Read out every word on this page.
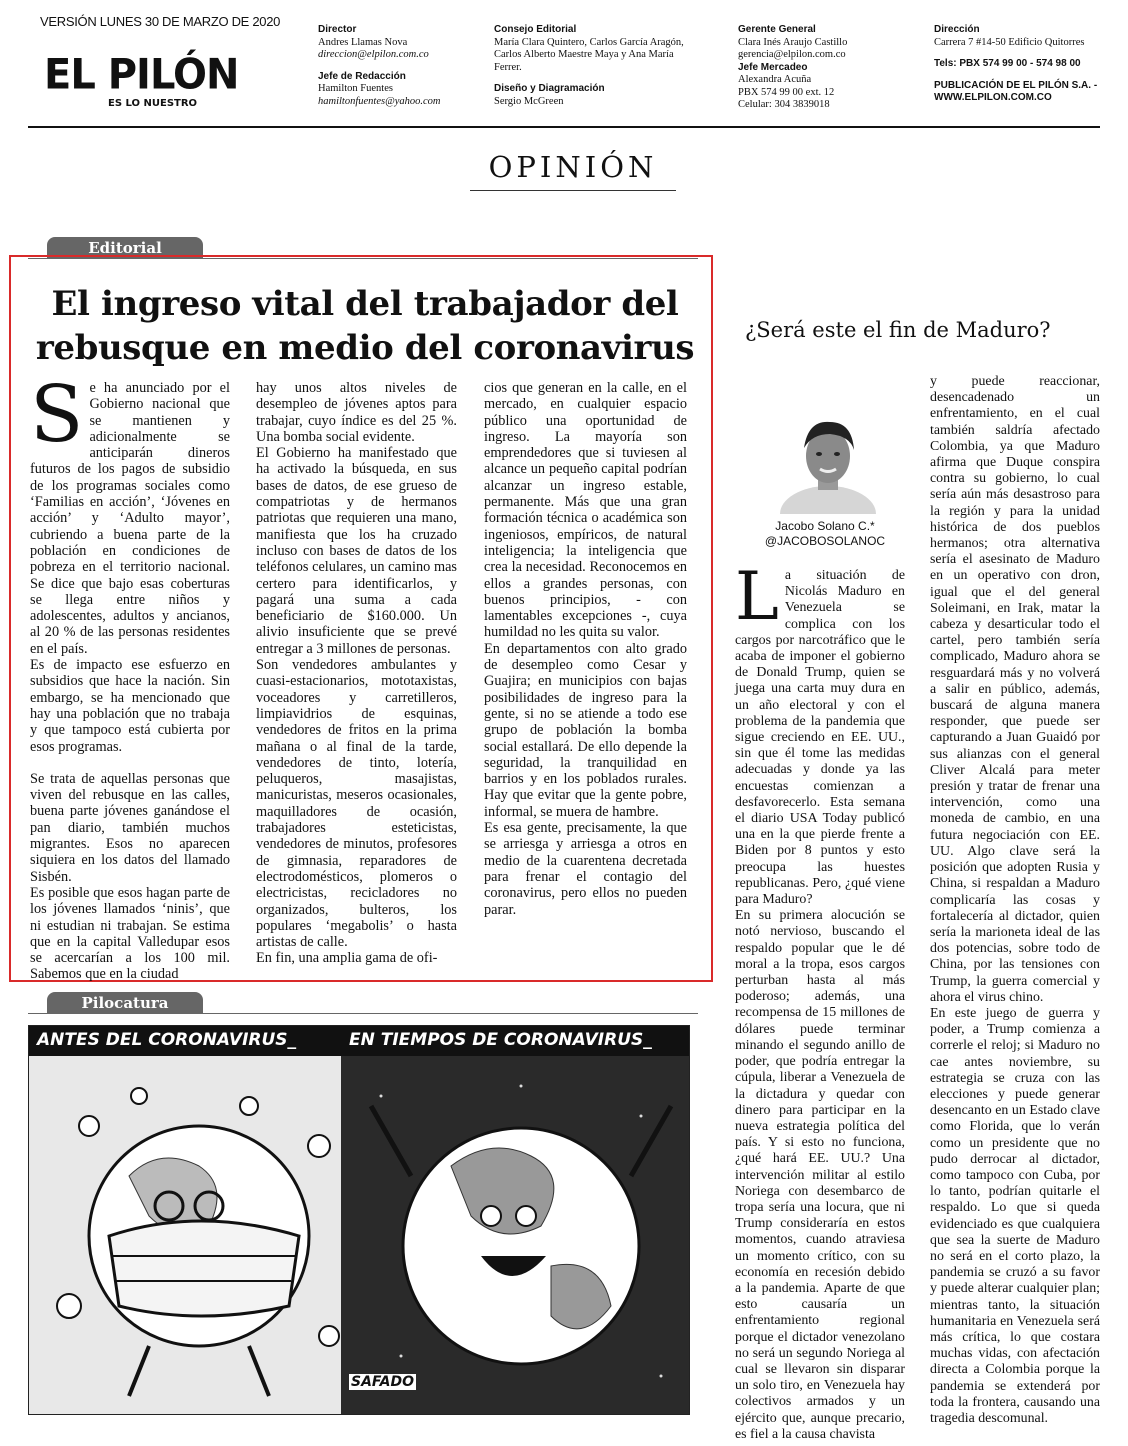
VERSIÓN LUNES 30 DE MARZO DE 2020
EL PILÓN
ES LO NUESTRO
Director
Andres Llamas Nova
direccion@elpilon.com.co
Jefe de Redacción
Hamilton Fuentes
hamiltonfuentes@yahoo.com
Consejo Editorial
María Clara Quintero, Carlos García Aragón,
Carlos Alberto Maestre Maya y Ana María
Ferrer.
Diseño y Diagramación
Sergio McGreen
Gerente General
Clara Inés Araujo Castillo
gerencia@elpilon.com.co
Jefe Mercadeo
Alexandra Acuña
PBX 574 99 00 ext. 12
Celular: 304 3839018
Dirección
Carrera 7 #14-50 Edificio Quitorres
Tels: PBX 574 99 00 - 574 98 00
PUBLICACIÓN DE EL PILÓN S.A. -
WWW.ELPILON.COM.CO
OPINIÓN
Editorial
El ingreso vital del trabajador del
rebusque en medio del coronavirus

Se ha anunciado por el Gobierno nacional que se mantienen y adicionalmente se anticiparán dineros futuros de los pagos de subsidio de los programas sociales como ‘Familias en acción’, ‘Jóvenes en acción’ y ‘Adulto mayor’, cubriendo a buena parte de la población en condiciones de pobreza en el territorio nacional. Se dice que bajo esas coberturas se llega entre niños y adolescentes, adultos y ancianos, al 20 % de las personas residentes en el país.

Es de impacto ese esfuerzo en subsidios que hace la nación. Sin embargo, se ha mencionado que hay una población que no trabaja y que tampoco está cubierta por esos programas.

Se trata de aquellas personas que viven del rebusque en las calles, buena parte jóvenes ganándose el pan diario, también muchos migrantes. Esos no aparecen siquiera en los datos del llamado Sisbén.

Es posible que esos hagan parte de los jóvenes llamados ‘ninis’, que ni estudian ni trabajan. Se estima que en la capital Valledupar esos se acercarían a los 100 mil. Sabemos que en la ciudad

hay unos altos niveles de desempleo de jóvenes aptos para trabajar, cuyo índice es del 25 %. Una bomba social evidente.

El Gobierno ha manifestado que ha activado la búsqueda, en sus bases de datos, de ese grueso de compatriotas y de hermanos patriotas que requieren una mano, manifiesta que los ha cruzado incluso con bases de datos de los teléfonos celulares, un camino mas certero para identificarlos, y pagará una suma a cada beneficiario de $160.000. Un alivio insuficiente que se prevé entregar a 3 millones de personas.

Son vendedores ambulantes y cuasi-estacionarios, mototaxistas, voceadores y carretilleros, limpiavidrios de esquinas, vendedores de fritos en la prima mañana o al final de la tarde, vendedores de tinto, lotería, peluqueros, masajistas, manicuristas, meseros ocasionales, maquilladores de ocasión, trabajadores esteticistas, vendedores de minutos, profesores de gimnasia, reparadores de electrodomésticos, plomeros o electricistas, recicladores no organizados, bulteros, los populares ‘megabolis’ o hasta artistas de calle.

En fin, una amplia gama de ofi-

cios que generan en la calle, en el mercado, en cualquier espacio público una oportunidad de ingreso. La mayoría son emprendedores que si tuviesen al alcance un pequeño capital podrían alcanzar un ingreso estable, permanente. Más que una gran formación técnica o académica son ingeniosos, empíricos, de natural inteligencia; la inteligencia que crea la necesidad. Reconocemos en ellos a grandes personas, con buenos principios, - con lamentables excepciones -, cuya humildad no les quita su valor.

En departamentos con alto grado de desempleo como Cesar y Guajira; en municipios con bajas posibilidades de ingreso para la gente, si no se atiende a todo ese grupo de población la bomba social estallará. De ello depende la seguridad, la tranquilidad en barrios y en los poblados rurales. Hay que evitar que la gente pobre, informal, se muera de hambre.

Es esa gente, precisamente, la que se arriesga y arriesga a otros en medio de la cuarentena decretada para frenar el contagio del coronavirus, pero ellos no pueden parar.

¿Será este el fin de Maduro?
Jacobo Solano C.*
@JACOBOSOLANOC

La situación de Nicolás Maduro en Venezuela se complica con los cargos por narcotráfico que le acaba de imponer el gobierno de Donald Trump, quien se juega una carta muy dura en un año electoral y con el problema de la pandemia que sigue creciendo en EE. UU., sin que él tome las medidas adecuadas y donde ya las encuestas comienzan a desfavorecerlo. Esta semana el diario USA Today publicó una en la que pierde frente a Biden por 8 puntos y esto preocupa las huestes republicanas. Pero, ¿qué viene para Maduro?

En su primera alocución se notó nervioso, buscando el respaldo popular que le dé moral a la tropa, esos cargos perturban hasta al más poderoso; además, una recompensa de 15 millones de dólares puede terminar minando el segundo anillo de poder, que podría entregar la cúpula, liberar a Venezuela de la dictadura y quedar con dinero para participar en la nueva estrategia política del país. Y si esto no funciona, ¿qué hará EE. UU.? Una intervención militar al estilo Noriega con desembarco de tropa sería una locura, que ni Trump consideraría en estos momentos, cuando atraviesa un momento crítico, con su economía en recesión debido a la pandemia. Aparte de que esto causaría un enfrentamiento regional porque el dictador venezolano no será un segundo Noriega al cual se llevaron sin disparar un solo tiro, en Venezuela hay colectivos armados y un ejército que, aunque precario, es fiel a la causa chavista

y puede reaccionar, desencadenado un enfrentamiento, en el cual también saldría afectado Colombia, ya que Maduro afirma que Duque conspira contra su gobierno, lo cual sería aún más desastroso para la región y para la unidad histórica de dos pueblos hermanos; otra alternativa sería el asesinato de Maduro en un operativo con dron, igual que el del general Soleimani, en Irak, matar la cabeza y desarticular todo el cartel, pero también sería complicado, Maduro ahora se resguardará más y no volverá a salir en público, además, buscará de alguna manera responder, que puede ser capturando a Juan Guaidó por sus alianzas con el general Cliver Alcalá para meter presión y tratar de frenar una intervención, como una moneda de cambio, en una futura negociación con EE. UU. Algo clave será la posición que adopten Rusia y China, si respaldan a Maduro complicaría las cosas y fortalecería al dictador, quien sería la marioneta ideal de las dos potencias, sobre todo de China, por las tensiones con Trump, la guerra comercial y ahora el virus chino.

En este juego de guerra y poder, a Trump comienza a correrle el reloj; si Maduro no cae antes noviembre, su estrategia se cruza con las elecciones y puede generar desencanto en un Estado clave como Florida, que lo verán como un presidente que no pudo derrocar al dictador, como tampoco con Cuba, por lo tanto, podrían quitarle el respaldo. Lo que si queda evidenciado es que cualquiera que sea la suerte de Maduro no será en el corto plazo, la pandemia se cruzó a su favor y puede alterar cualquier plan; mientras tanto, la situación humanitaria en Venezuela será más crítica, lo que costara muchas vidas, con afectación directa a Colombia porque la pandemia se extenderá por toda la frontera, causando una tragedia descomunal.

Pilocatura
ANTES DEL CORONAVIRUS_	EN TIEMPOS DE CORONAVIRUS_
SAFADO
